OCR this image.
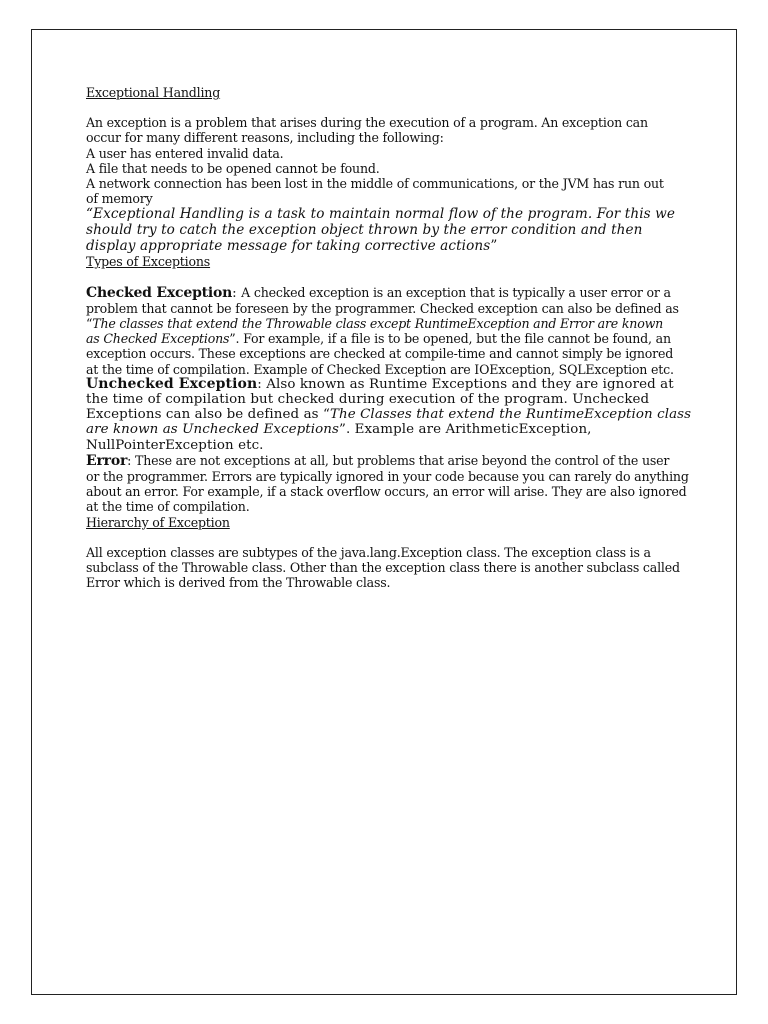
Exceptional Handling

An exception is a problem that arises during the execution of a program. An exception can

occur for many different reasons, including the following:

A user has entered invalid data.

A file that needs to be opened cannot be found.

A network connection has been lost in the middle of communications, or the JVM has run out

of memory

“Exceptional Handling is a task to maintain normal flow of the program. For this we

should try to catch the exception object thrown by the error condition and then

display appropriate message for taking corrective actions”

Types of Exceptions

Checked Exception: A checked exception is an exception that is typically a user error or a

problem that cannot be foreseen by the programmer. Checked exception can also be defined as

“The classes that extend the Throwable class except RuntimeException and Error are known

as Checked Exceptions”. For example, if a file is to be opened, but the file cannot be found, an

exception occurs. These exceptions are checked at compile-time and cannot simply be ignored

at the time of compilation. Example of Checked Exception are IOException, SQLException etc.

Unchecked Exception: Also known as Runtime Exceptions and they are ignored at

the time of compilation but checked during execution of the program. Unchecked

Exceptions can also be defined as “The Classes that extend the RuntimeException class

are known as Unchecked Exceptions”. Example are ArithmeticException,

NullPointerException etc.

Error: These are not exceptions at all, but problems that arise beyond the control of the user

or the programmer. Errors are typically ignored in your code because you can rarely do anything

about an error. For example, if a stack overflow occurs, an error will arise. They are also ignored

at the time of compilation.

Hierarchy of Exception

All exception classes are subtypes of the java.lang.Exception class. The exception class is a

subclass of the Throwable class. Other than the exception class there is another subclass called

Error which is derived from the Throwable class.
